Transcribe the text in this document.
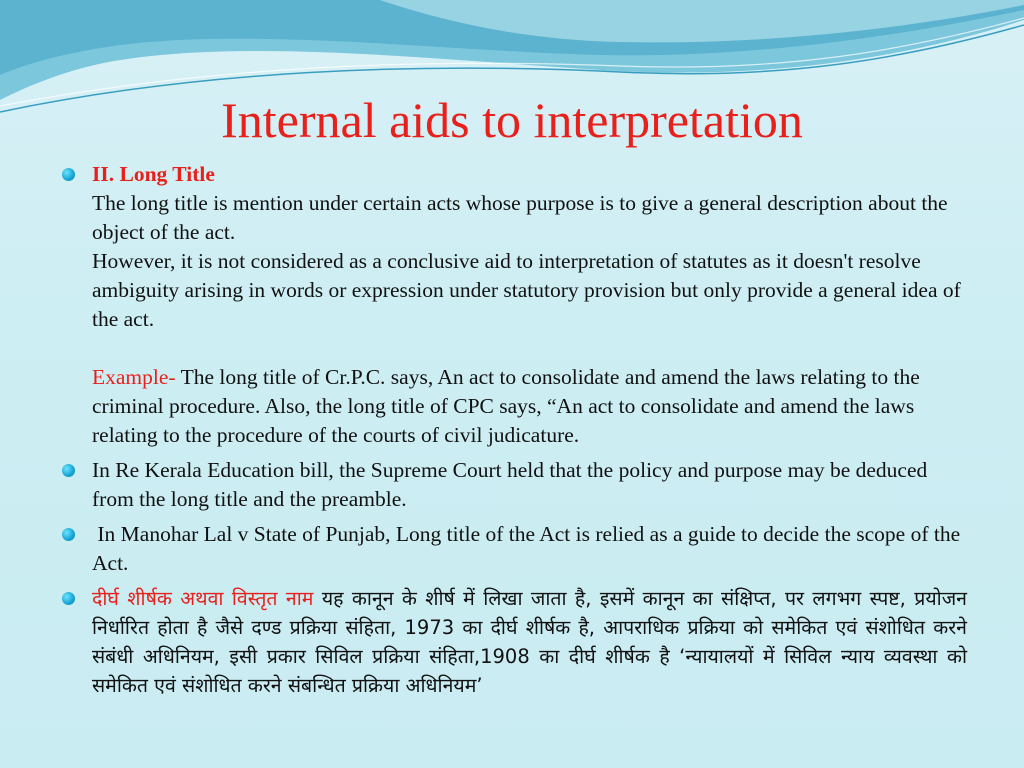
Internal aids to interpretation
II. Long Title
The long title is mention under certain acts whose purpose is to give a general description about the object of the act.
However, it is not considered as a conclusive aid to interpretation of statutes as it doesn't resolve ambiguity arising in words or expression under statutory provision but only provide a general idea of the act.
Example- The long title of Cr.P.C. says, An act to consolidate and amend the laws relating to the criminal procedure. Also, the long title of CPC says, “An act to consolidate and amend the laws relating to the procedure of the courts of civil judicature.
In Re Kerala Education bill, the Supreme Court held that the policy and purpose may be deduced from the long title and the preamble.
In Manohar Lal v State of Punjab, Long title of the Act is relied as a guide to decide the scope of the Act.
दीर्घ शीर्षक अथवा विस्तृत नाम यह कानून के शीर्ष में लिखा जाता है, इसमें कानून का संक्षिप्त, पर लगभग स्पष्ट, प्रयोजन निर्धारित होता है जैसे दण्ड प्रक्रिया संहिता, 1973 का दीर्घ शीर्षक है, आपराधिक प्रक्रिया को समेकित एवं संशोधित करने संबंधी अधिनियम, इसी प्रकार सिविल प्रक्रिया संहिता,1908 का दीर्घ शीर्षक है ‘न्यायालयों में सिविल न्याय व्यवस्था को समेकित एवं संशोधित करने संबन्धित प्रक्रिया अधिनियम’
